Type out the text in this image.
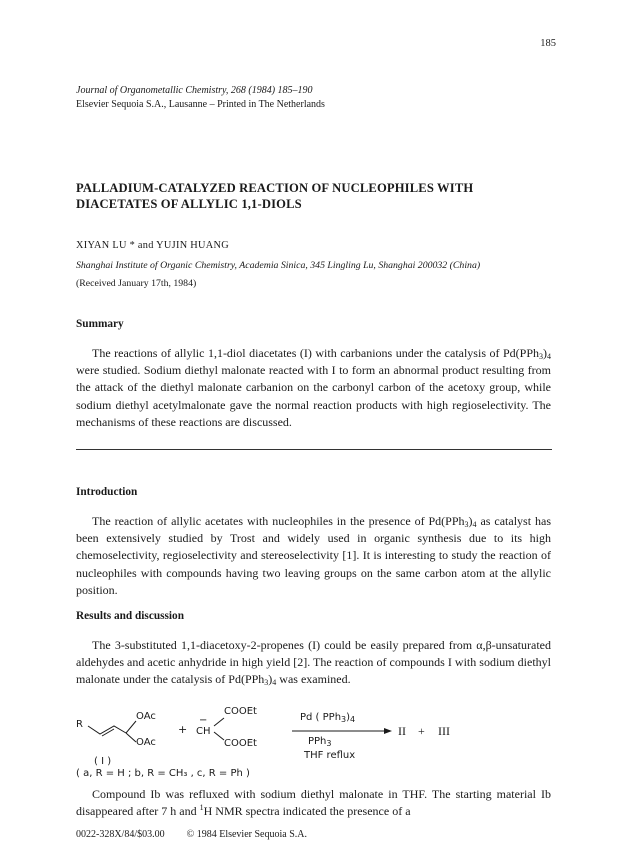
185
Journal of Organometallic Chemistry, 268 (1984) 185–190
Elsevier Sequoia S.A., Lausanne – Printed in The Netherlands
PALLADIUM-CATALYZED REACTION OF NUCLEOPHILES WITH DIACETATES OF ALLYLIC 1,1-DIOLS
XIYAN LU * and YUJIN HUANG
Shanghai Institute of Organic Chemistry, Academia Sinica, 345 Lingling Lu, Shanghai 200032 (China)
(Received January 17th, 1984)
Summary

The reactions of allylic 1,1-diol diacetates (I) with carbanions under the catalysis of $Pd(PPh_3)_4$ were studied. Sodium diethyl malonate reacted with I to form an abnormal product resulting from the attack of the diethyl malonate carbanion on the carbonyl carbon of the acetoxy group, while sodium diethyl acetylmalonate gave the normal reaction products with high regioselectivity. The mechanisms of these reactions are discussed.

Introduction

The reaction of allylic acetates with nucleophiles in the presence of $Pd(PPh_3)_4$ as catalyst has been extensively studied by Trost and widely used in organic synthesis due to its high chemoselectivity, regioselectivity and stereoselectivity [1]. It is interesting to study the reaction of nucleophiles with compounds having two leaving groups on the same carbon atom at the allylic position.

Results and discussion

The 3-substituted 1,1-diacetoxy-2-propenes (I) could be easily prepared from α,β-unsaturated aldehydes and acetic anhydride in high yield [2]. The reaction of compounds I with sodium diethyl malonate under the catalysis of $Pd(PPh_3)_4$ was examined.

R
OAc
OAc
+ CH
−
COOEt
COOEt
Pd ( $PPh_3)_4$
PPh$_3$
THF reflux
II + III
( I )
( a, R = H ; b, R = CH₃ , c, R = Ph )

Compound Ib was refluxed with sodium diethyl malonate in THF. The starting material Ib disappeared after 7 h and $^1$H NMR spectra indicated the presence of a

0022-328X/84/$03.00 © 1984 Elsevier Sequoia S.A.
